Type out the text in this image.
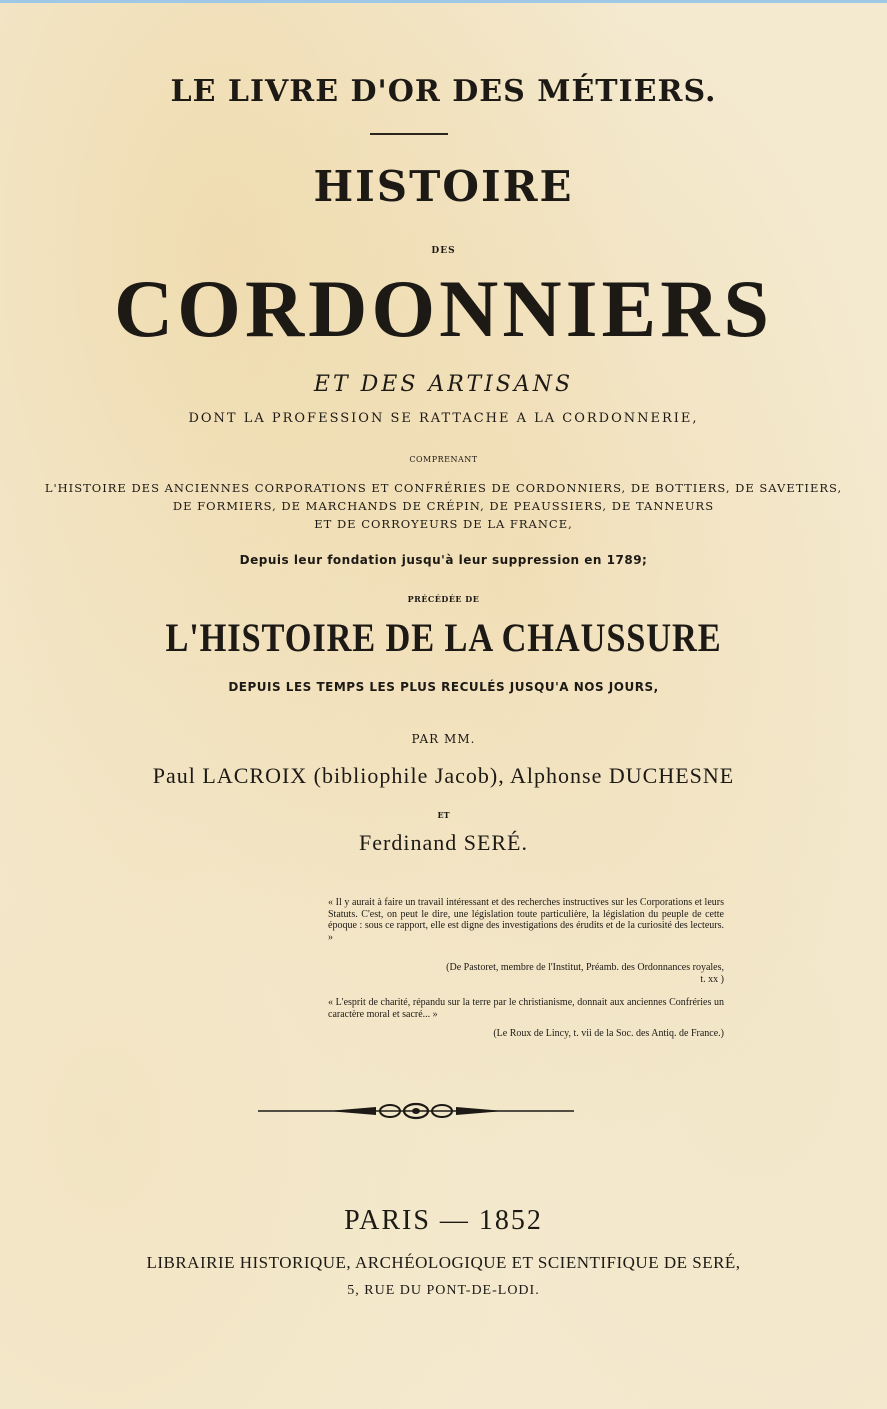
LE LIVRE D'OR DES MÉTIERS.
HISTOIRE
DES
CORDONNIERS
ET DES ARTISANS
DONT LA PROFESSION SE RATTACHE A LA CORDONNERIE,
COMPRENANT
L'HISTOIRE DES ANCIENNES CORPORATIONS ET CONFRÉRIES DE CORDONNIERS, DE BOTTIERS, DE SAVETIERS,
DE FORMIERS, DE MARCHANDS DE CRÉPIN, DE PEAUSSIERS, DE TANNEURS
ET DE CORROYEURS DE LA FRANCE,
Depuis leur fondation jusqu'à leur suppression en 1789;
PRÉCÉDÉE DE
L'HISTOIRE DE LA CHAUSSURE
DEPUIS LES TEMPS LES PLUS RECULÉS JUSQU'A NOS JOURS,
PAR MM.
Paul LACROIX (bibliophile Jacob), Alphonse DUCHESNE
ET
Ferdinand SERÉ.
« Il y aurait à faire un travail intéressant et des recherches instructives sur les Corporations et leurs Statuts. C'est, on peut le dire, une législation toute particulière, la législation du peuple de cette époque : sous ce rapport, elle est digne des investigations des érudits et de la curiosité des lecteurs. »
(De Pastoret, membre de l'Institut, Préamb. des Ordonnances royales, t. xx )
« L'esprit de charité, répandu sur la terre par le christianisme, donnait aux anciennes Confréries un caractère moral et sacré... »
(Le Roux de Lincy, t. vii de la Soc. des Antiq. de France.)
PARIS — 1852
LIBRAIRIE HISTORIQUE, ARCHÉOLOGIQUE ET SCIENTIFIQUE DE SERÉ,
5, RUE DU PONT-DE-LODI.
